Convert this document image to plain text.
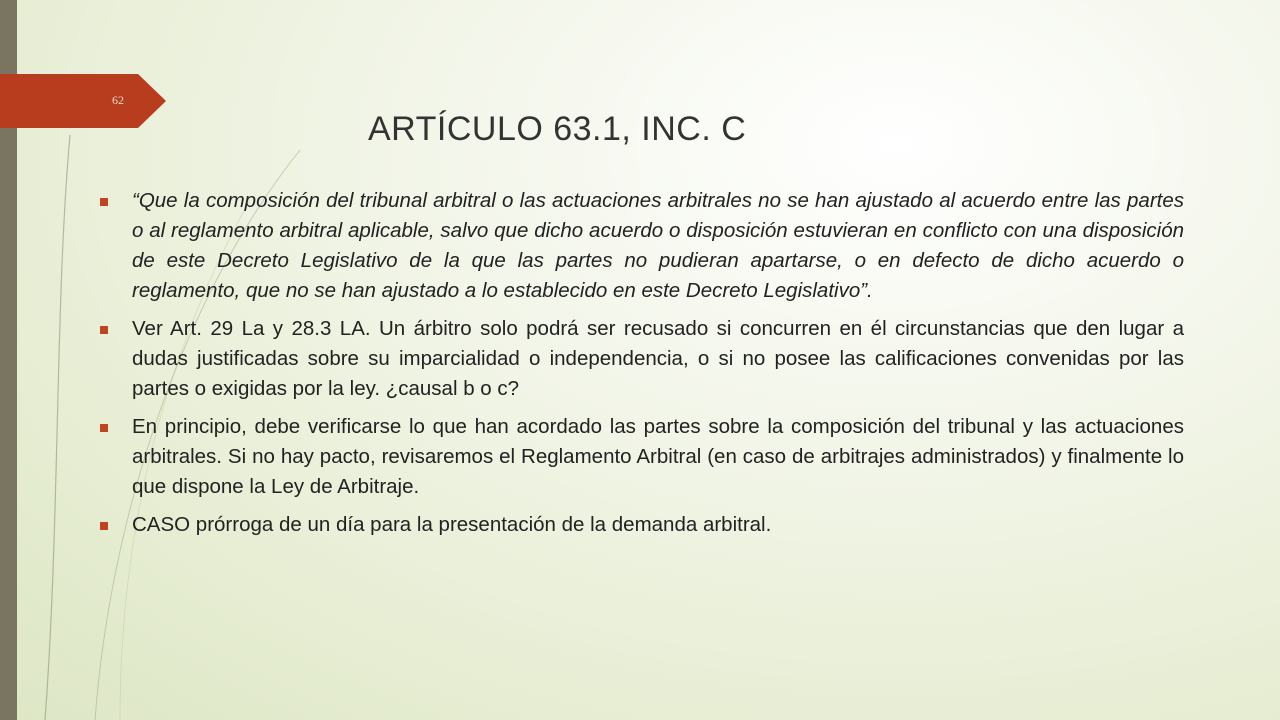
62
ARTÍCULO 63.1, INC. C
“Que la composición del tribunal arbitral o las actuaciones arbitrales no se han ajustado al acuerdo entre las partes o al reglamento arbitral aplicable, salvo que dicho acuerdo o disposición estuvieran en conflicto con una disposición de este Decreto Legislativo de la que las partes no pudieran apartarse, o en defecto de dicho acuerdo o reglamento, que no se han ajustado a lo establecido en este Decreto Legislativo”.
Ver Art. 29 La y 28.3 LA. Un árbitro solo podrá ser recusado si concurren en él circunstancias que den lugar a dudas justificadas sobre su imparcialidad o independencia, o si no posee las calificaciones convenidas por las partes o exigidas por la ley. ¿causal b o c?
En principio, debe verificarse lo que han acordado las partes sobre la composición del tribunal y las actuaciones arbitrales. Si no hay pacto, revisaremos el Reglamento Arbitral (en caso de arbitrajes administrados) y finalmente lo que dispone la Ley de Arbitraje.
CASO prórroga de un día para la presentación de la demanda arbitral.
